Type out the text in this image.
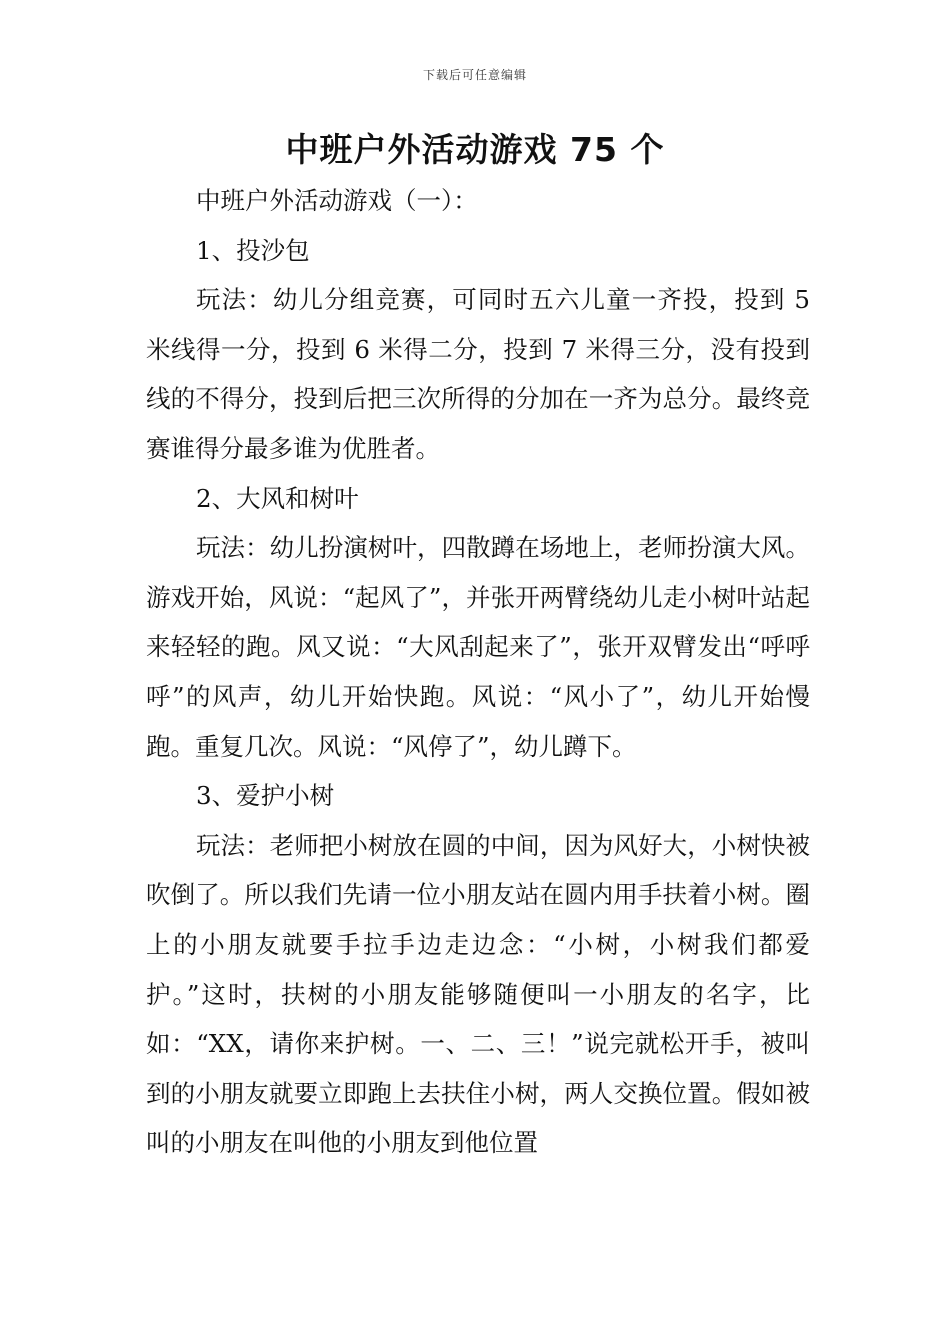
下载后可任意编辑
中班户外活动游戏 75 个

中班户外活动游戏（一）：

1、投沙包

玩法：幼儿分组竞赛，可同时五六儿童一齐投，投到 5 米线得一分，投到 6 米得二分，投到 7 米得三分，没有投到线的不得分，投到后把三次所得的分加在一齐为总分。最终竞赛谁得分最多谁为优胜者。

2、大风和树叶

玩法：幼儿扮演树叶，四散蹲在场地上，老师扮演大风。游戏开始，风说：“起风了”，并张开两臂绕幼儿走小树叶站起来轻轻的跑。风又说：“大风刮起来了”，张开双臂发出“呼呼呼”的风声，幼儿开始快跑。风说：“风小了”，幼儿开始慢跑。重复几次。风说：“风停了”，幼儿蹲下。

3、爱护小树

玩法：老师把小树放在圆的中间，因为风好大，小树快被吹倒了。所以我们先请一位小朋友站在圆内用手扶着小树。圈上的小朋友就要手拉手边走边念：“小树，小树我们都爱护。”这时，扶树的小朋友能够随便叫一小朋友的名字，比如：“XX，请你来护树。一、二、三！”说完就松开手，被叫到的小朋友就要立即跑上去扶住小树，两人交换位置。假如被叫的小朋友在叫他的小朋友到他位置
